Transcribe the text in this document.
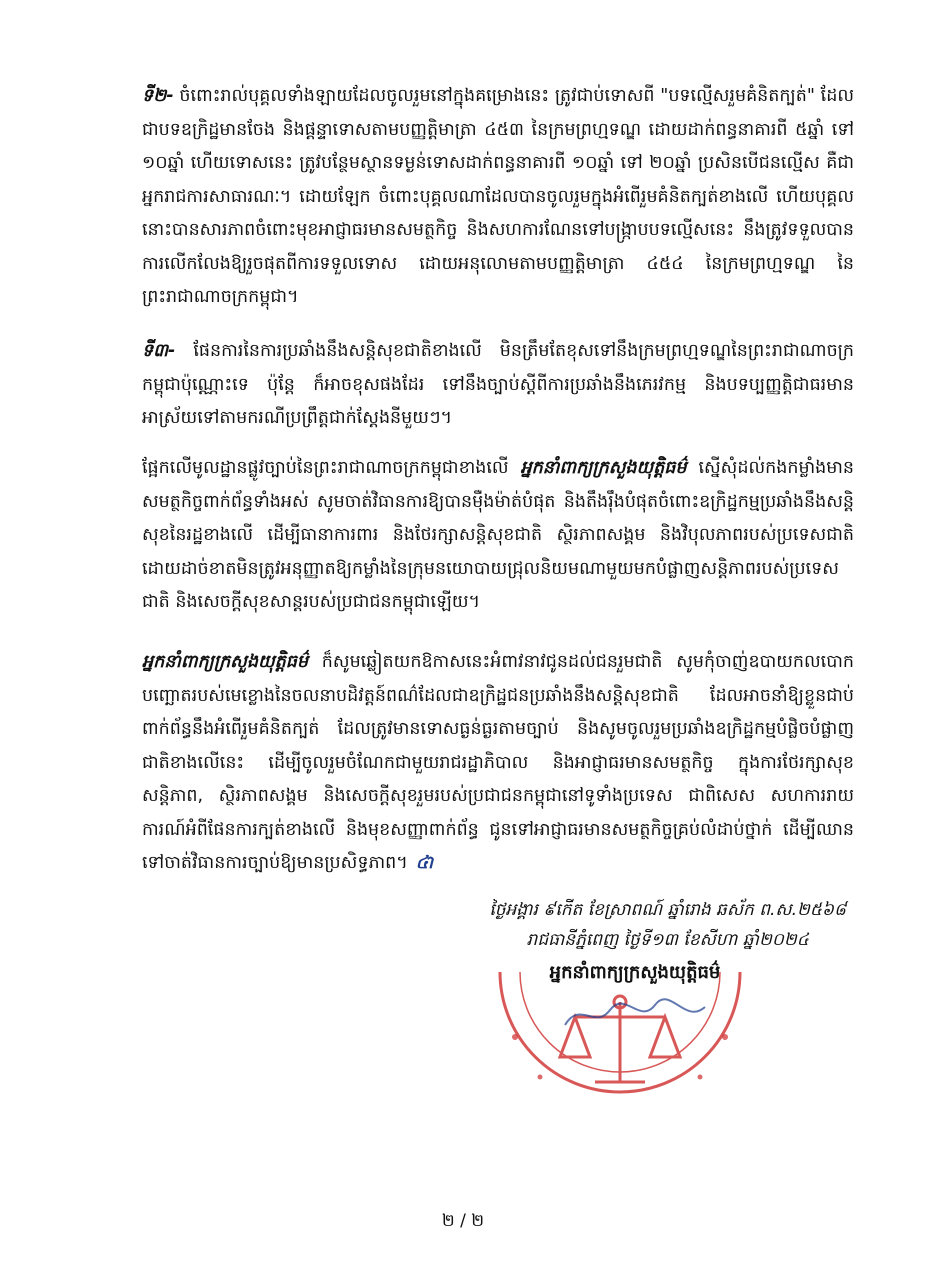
ទី២- ចំពោះរាល់បុគ្គលទាំងឡាយដែលចូលរួមនៅក្នុងគម្រោងនេះ ត្រូវជាប់ទោសពី "បទល្មើសរួមគំនិតក្បត់" ដែលជាបទឧក្រិដ្ឋមានចែង និងផ្តន្ទាទោសតាមបញ្ញត្តិមាត្រា ៤៥៣ នៃក្រមព្រហ្មទណ្ឌ ដោយដាក់ពន្ធនាគារពី ៥ឆ្នាំ ទៅ ១០ឆ្នាំ ហើយទោសនេះ ត្រូវបន្ថែមស្ថានទម្ងន់ទោសដាក់ពន្ធនាគារពី ១០ឆ្នាំ ទៅ ២០ឆ្នាំ ប្រសិនបើជនល្មើស គឺជាអ្នករាជការសាធារណៈ។ ដោយឡែក ចំពោះបុគ្គលណាដែលបានចូលរួមក្នុងអំពើរួមគំនិតក្បត់ខាងលើ ហើយបុគ្គលនោះបានសារភាពចំពោះមុខអាជ្ញាធរមានសមត្ថកិច្ច និងសហការណែនទៅបង្ក្រាបបទល្មើសនេះ នឹងត្រូវទទួលបានការលើកលែងឱ្យរួចផុតពីការទទួលទោស ដោយអនុលោមតាមបញ្ញត្តិមាត្រា ៤៥៤ នៃក្រមព្រហ្មទណ្ឌ នៃព្រះរាជាណាចក្រកម្ពុជា។
ទី៣- ផែនការនៃការប្រឆាំងនឹងសន្តិសុខជាតិខាងលើ មិនត្រឹមតែខុសទៅនឹងក្រមព្រហ្មទណ្ឌនៃព្រះរាជាណាចក្រកម្ពុជាប៉ុណ្ណោះទេ ប៉ុន្តែ ក៏អាចខុសផងដែរ ទៅនឹងច្បាប់ស្តីពីការប្រឆាំងនឹងភេរវកម្ម និងបទប្បញ្ញត្តិជាធរមាន អាស្រ័យទៅតាមករណីប្រព្រឹត្តជាក់ស្តែងនីមួយៗ។
ផ្អែកលើមូលដ្ឋានផ្លូវច្បាប់នៃព្រះរាជាណាចក្រកម្ពុជាខាងលើ អ្នកនាំពាក្យក្រសួងយុត្តិធម៌ ស្នើសុំដល់កងកម្លាំងមានសមត្ថកិច្ចពាក់ព័ន្ធទាំងអស់ សូមចាត់វិធានការឱ្យបានម៉ឺងម៉ាត់បំផុត និងតឹងរ៉ឹងបំផុតចំពោះឧក្រិដ្ឋកម្មប្រឆាំងនឹងសន្តិសុខនៃរដ្ឋខាងលើ ដើម្បីធានាការពារ និងថែរក្សាសន្តិសុខជាតិ ស្ថិរភាពសង្គម និងវិបុលភាពរបស់ប្រទេសជាតិ ដោយដាច់ខាតមិនត្រូវអនុញ្ញាតឱ្យកម្លាំងនៃក្រុមនយោបាយជ្រុលនិយមណាមួយមកបំផ្លាញសន្តិភាពរបស់ប្រទេសជាតិ និងសេចក្តីសុខសាន្តរបស់ប្រជាជនកម្ពុជាឡើយ។
អ្នកនាំពាក្យក្រសួងយុត្តិធម៌ ក៏សូមឆ្លៀតយកឱកាសនេះអំពាវនាវជូនដល់ជនរួមជាតិ សូមកុំចាញ់ឧបាយកលបោកបញ្ឆោតរបស់មេខ្លោងនៃចលនាបដិវត្តន៍ពណ៌ដែលជាឧក្រិដ្ឋជនប្រឆាំងនឹងសន្តិសុខជាតិ ដែលអាចនាំឱ្យខ្លួនជាប់ពាក់ព័ន្ធនឹងអំពើរួមគំនិតក្បត់ ដែលត្រូវមានទោសធ្ងន់ធ្ងរតាមច្បាប់ និងសូមចូលរួមប្រឆាំងឧក្រិដ្ឋកម្មបំផ្លិចបំផ្លាញជាតិខាងលើនេះ ដើម្បីចូលរួមចំណែកជាមួយរាជរដ្ឋាភិបាល និងអាជ្ញាធរមានសមត្ថកិច្ច ក្នុងការថែរក្សាសុខសន្តិភាព, ស្ថិរភាពសង្គម និងសេចក្តីសុខរួមរបស់ប្រជាជនកម្ពុជានៅទូទាំងប្រទេស ជាពិសេស សហការរាយការណ៍អំពីផែនការក្បត់ខាងលើ និងមុខសញ្ញាពាក់ព័ន្ធ ជូនទៅអាជ្ញាធរមានសមត្ថកិច្ចគ្រប់លំដាប់ថ្នាក់ ដើម្បីឈានទៅចាត់វិធានការច្បាប់ឱ្យមានប្រសិទ្ធភាព។ ៤ា
ថ្ងៃអង្គារ ៩កើត ខែស្រាពណ៍ ឆ្នាំរោង ឆស័ក ព.ស.២៥៦៨
រាជធានីភ្នំពេញ ថ្ងៃទី១៣ ខែសីហា ឆ្នាំ២០២៤
អ្នកនាំពាក្យក្រសួងយុត្តិធម៌
២ / ២
